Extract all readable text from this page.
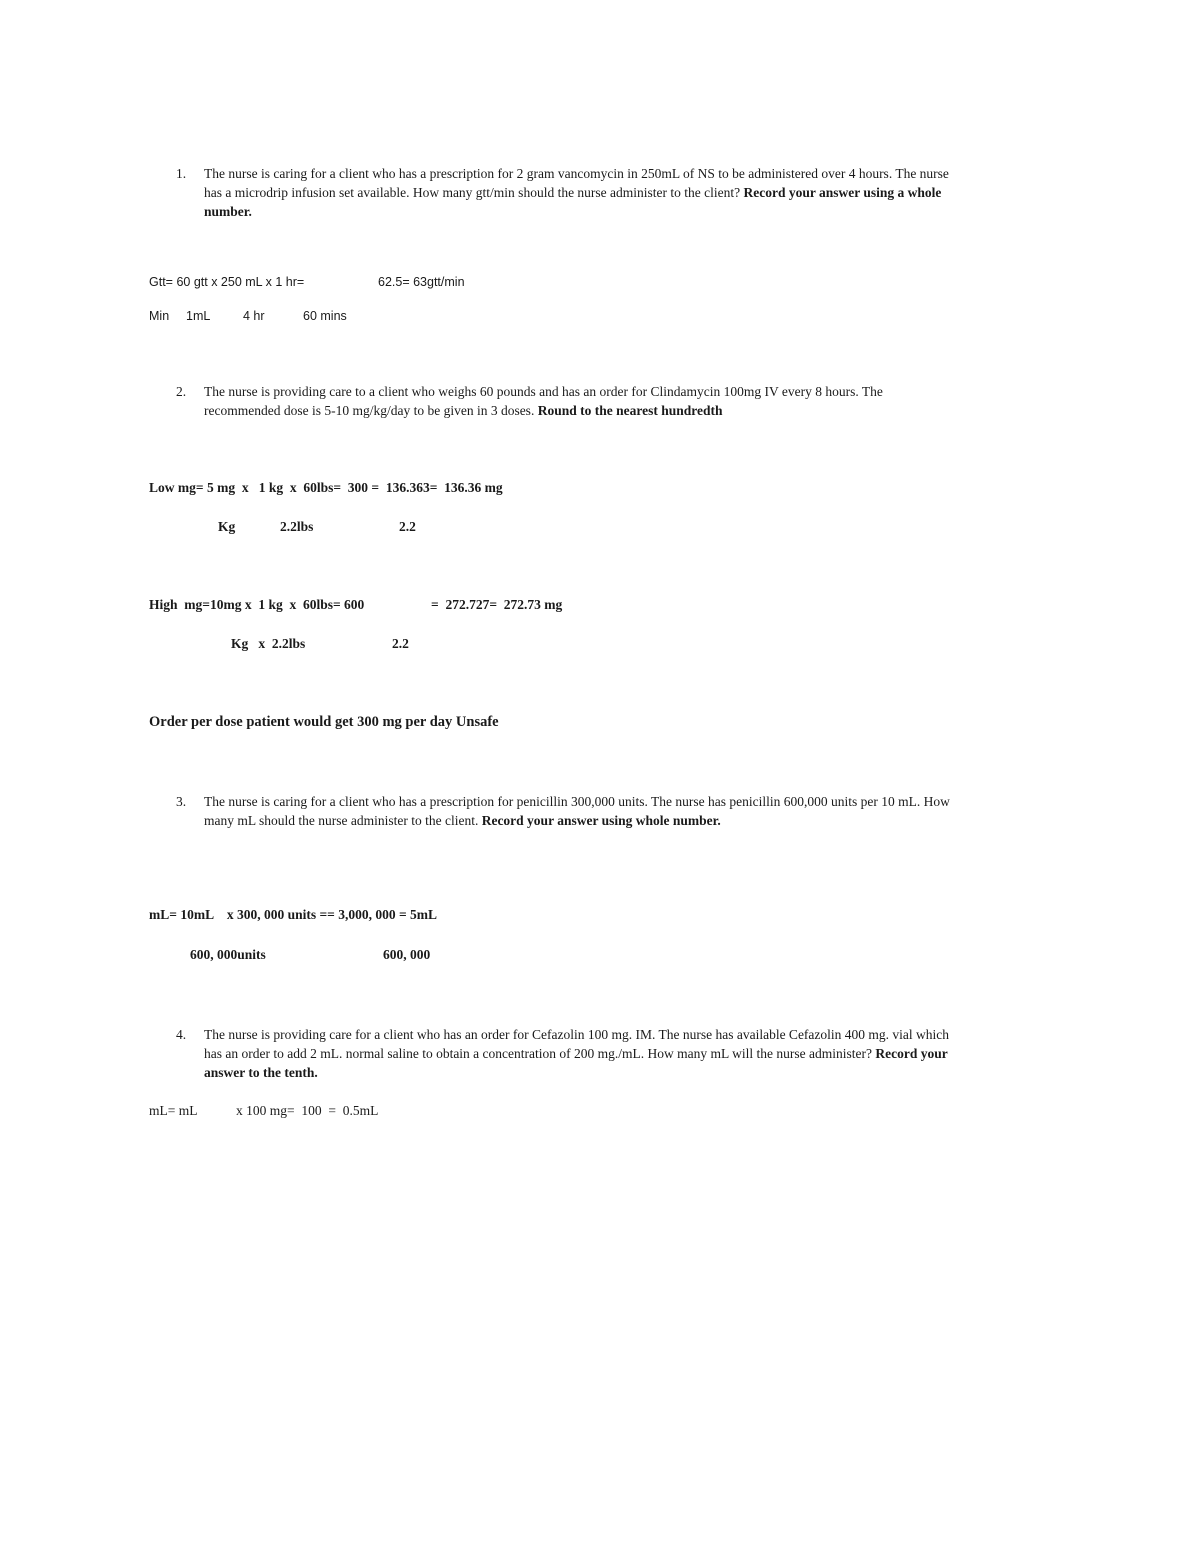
1. The nurse is caring for a client who has a prescription for 2 gram vancomycin in 250mL of NS to be administered over 4 hours. The nurse has a microdrip infusion set available. How many gtt/min should the nurse administer to the client? Record your answer using a whole number.
Gtt= 60 gtt x 250 mL x 1 hr=	62.5= 63gtt/min
Min 1mL	4 hr	60 mins
2. The nurse is providing care to a client who weighs 60 pounds and has an order for Clindamycin 100mg IV every 8 hours. The recommended dose is 5-10 mg/kg/day to be given in 3 doses. Round to the nearest hundredth
Low mg= 5 mg  x   1 kg  x  60lbs=  300 =  136.363=  136.36 mg
Kg	2.2lbs	2.2
High  mg=10mg x  1 kg  x  60lbs= 600	=  272.727=  272.73 mg
Kg   x  2.2lbs	2.2
Order per dose patient would get 300 mg per day Unsafe
3. The nurse is caring for a client who has a prescription for penicillin 300,000 units. The nurse has penicillin 600,000 units per 10 mL. How many mL should the nurse administer to the client. Record your answer using whole number.
mL= 10mL    x 300, 000 units == 3,000, 000 = 5mL
600, 000units	600, 000
4. The nurse is providing care for a client who has an order for Cefazolin 100 mg. IM. The nurse has available Cefazolin 400 mg. vial which has an order to add 2 mL. normal saline to obtain a concentration of 200 mg./mL. How many mL will the nurse administer? Record your answer to the tenth.
mL= mL	x 100 mg=  100  =  0.5mL
